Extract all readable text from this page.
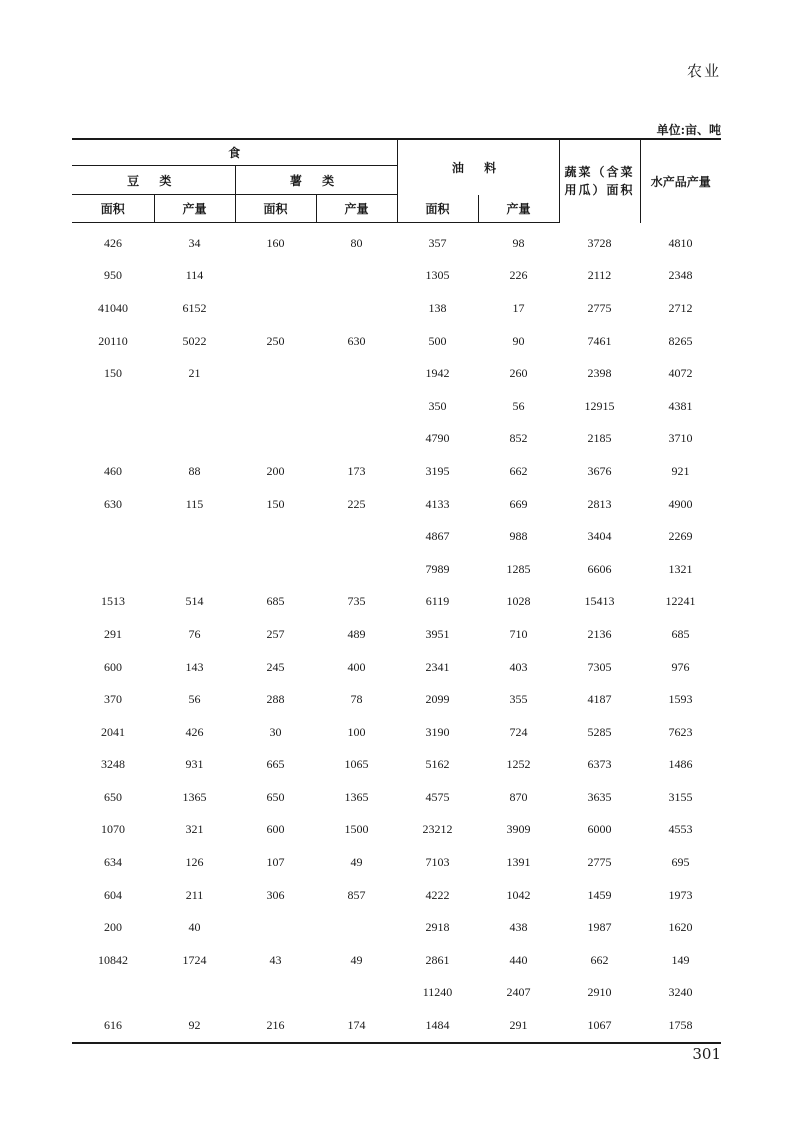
农业
单位:亩、吨
食				油 料		蔬菜（含菜用瓜）面积	水产品产量
豆 类		薯 类					
面积	产量	面积	产量	面积	产量		
426	34	160	80	357	98	3728	4810
950	114			1305	226	2112	2348
41040	6152			138	17	2775	2712
20110	5022	250	630	500	90	7461	8265
150	21			1942	260	2398	4072
				350	56	12915	4381
				4790	852	2185	3710
460	88	200	173	3195	662	3676	921
630	115	150	225	4133	669	2813	4900
				4867	988	3404	2269
				7989	1285	6606	1321
1513	514	685	735	6119	1028	15413	12241
291	76	257	489	3951	710	2136	685
600	143	245	400	2341	403	7305	976
370	56	288	78	2099	355	4187	1593
2041	426	30	100	3190	724	5285	7623
3248	931	665	1065	5162	1252	6373	1486
650	1365	650	1365	4575	870	3635	3155
1070	321	600	1500	23212	3909	6000	4553
634	126	107	49	7103	1391	2775	695
604	211	306	857	4222	1042	1459	1973
200	40			2918	438	1987	1620
10842	1724	43	49	2861	440	662	149
				11240	2407	2910	3240
616	92	216	174	1484	291	1067	1758
301
